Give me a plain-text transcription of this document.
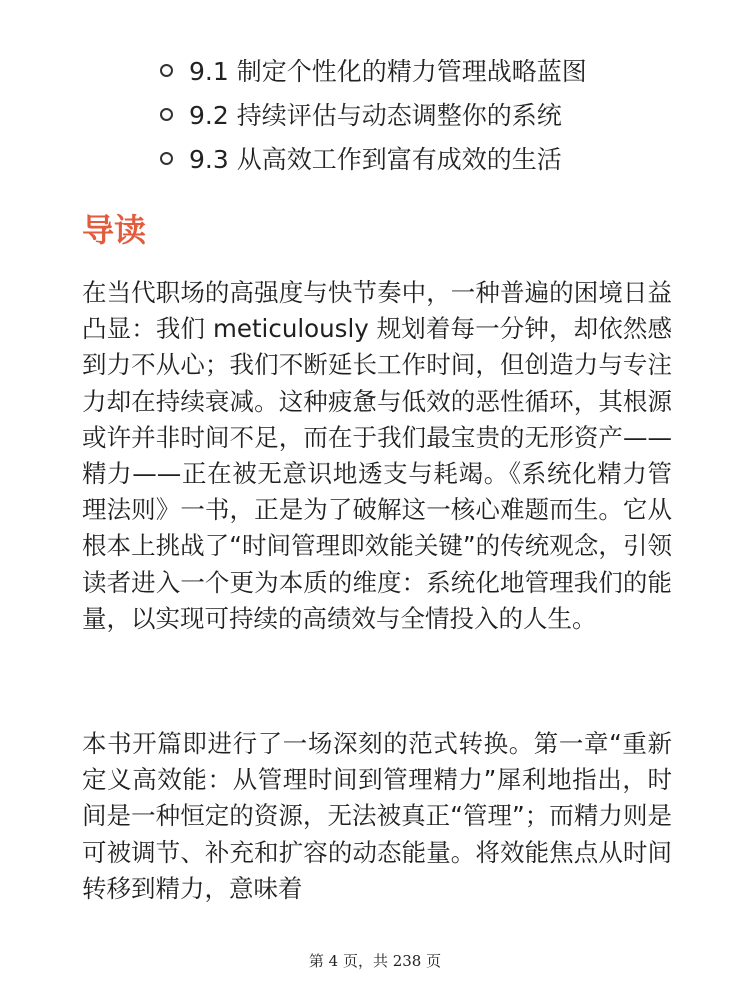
9.1 制定个性化的精力管理战略蓝图
9.2 持续评估与动态调整你的系统
9.3 从高效工作到富有成效的生活
导读

在当代职场的高强度与快节奏中，一种普遍的困境日益凸显：我们 meticulously 规划着每一分钟，却依然感到力不从心；我们不断延长工作时间，但创造力与专注力却在持续衰减。这种疲惫与低效的恶性循环，其根源或许并非时间不足，而在于我们最宝贵的无形资产——精力——正在被无意识地透支与耗竭。《系统化精力管理法则》一书，正是为了破解这一核心难题而生。它从根本上挑战了“时间管理即效能关键”的传统观念，引领读者进入一个更为本质的维度：系统化地管理我们的能量，以实现可持续的高绩效与全情投入的人生。

本书开篇即进行了一场深刻的范式转换。第一章“重新定义高效能：从管理时间到管理精力”犀利地指出，时间是一种恒定的资源，无法被真正“管理”；而精力则是可被调节、补充和扩容的动态能量。将效能焦点从时间转移到精力，意味着

第 4 页，共 238 页
